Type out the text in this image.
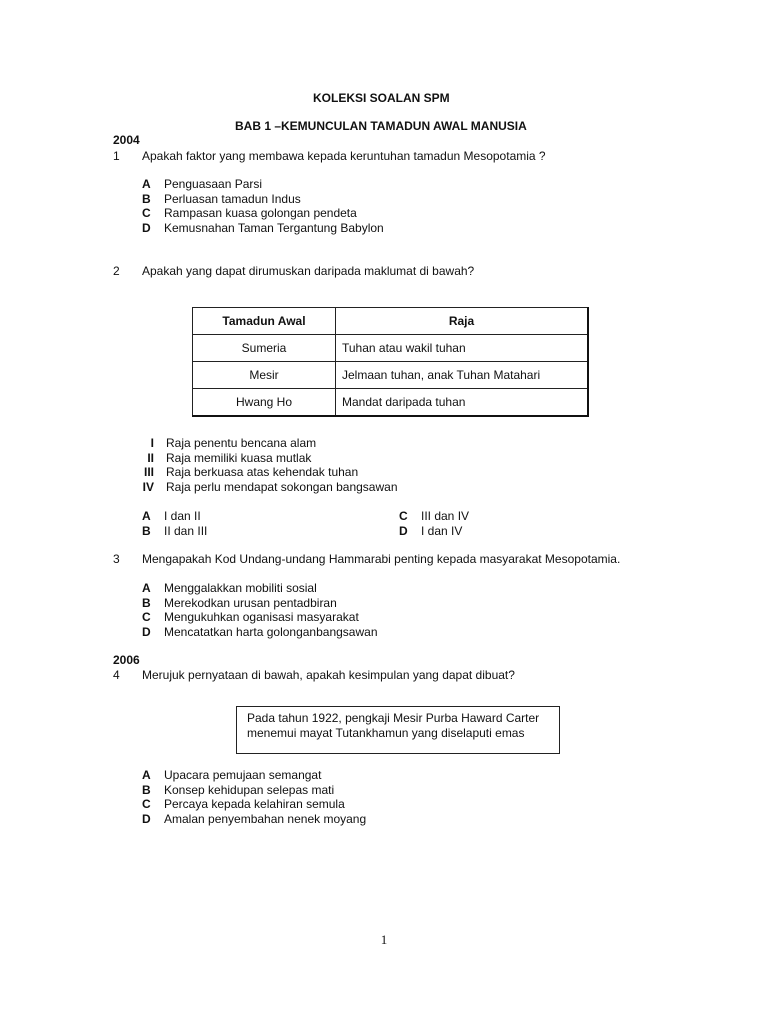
KOLEKSI SOALAN SPM
BAB 1 –KEMUNCULAN TAMADUN AWAL MANUSIA
2004
1 Apakah faktor yang membawa kepada keruntuhan tamadun Mesopotamia ?
A Penguasaan Parsi
B Perluasan tamadun Indus
C Rampasan kuasa golongan pendeta
D Kemusnahan Taman Tergantung Babylon
2 Apakah yang dapat dirumuskan daripada maklumat di bawah?
Tamadun Awal	Raja
Sumeria	Tuhan atau wakil tuhan
Mesir	Jelmaan tuhan, anak Tuhan Matahari
Hwang Ho	Mandat daripada tuhan
I Raja penentu bencana alam
II Raja memiliki kuasa mutlak
III Raja berkuasa atas kehendak tuhan
IV Raja perlu mendapat sokongan bangsawan
A I dan II
B II dan III
C III dan IV
D I dan IV
3 Mengapakah Kod Undang-undang Hammarabi penting kepada masyarakat Mesopotamia.
A Menggalakkan mobiliti sosial
B Merekodkan urusan pentadbiran
C Mengukuhkan oganisasi masyarakat
D Mencatatkan harta golonganbangsawan
2006
4 Merujuk pernyataan di bawah, apakah kesimpulan yang dapat dibuat?
Pada tahun 1922, pengkaji Mesir Purba Haward Carter
menemui mayat Tutankhamun yang diselaputi emas
A Upacara pemujaan semangat
B Konsep kehidupan selepas mati
C Percaya kepada kelahiran semula
D Amalan penyembahan nenek moyang
1
